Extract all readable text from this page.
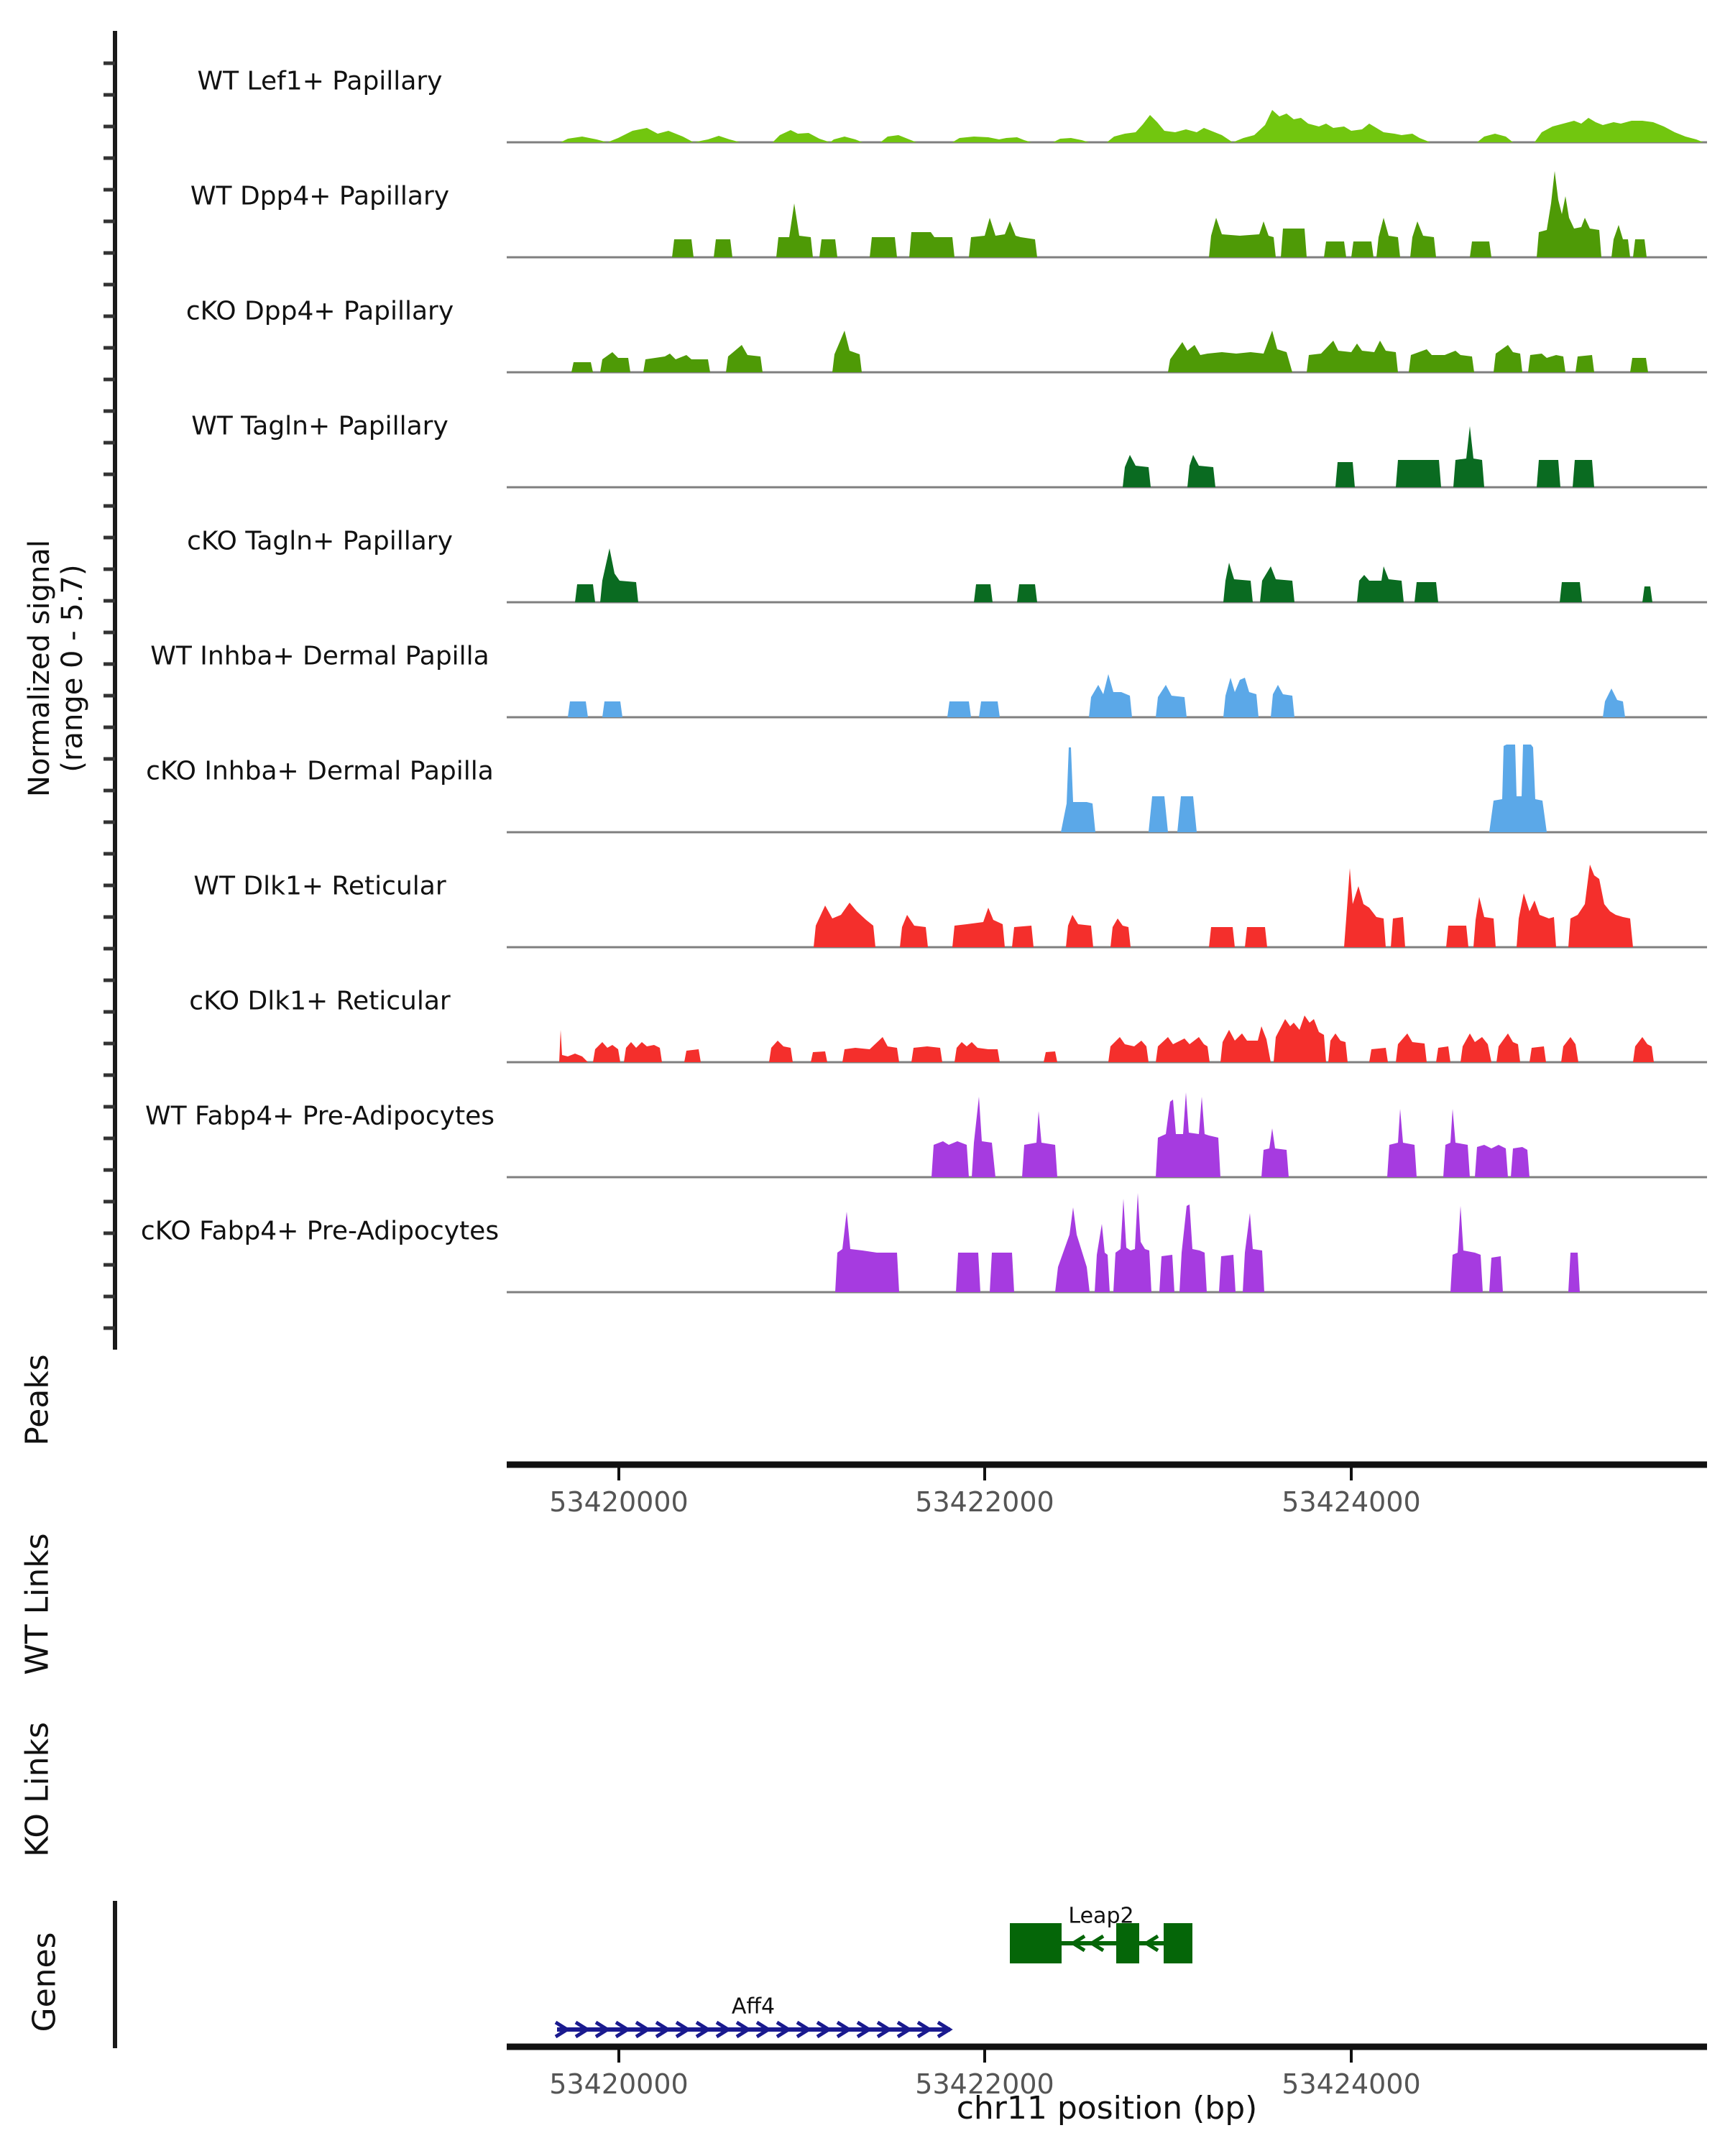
Normalized signal (range 0 - 5.7)
Peaks
WT Links
KO Links
Genes
chr11 position (bp)
WT Lef1+ Papillary
WT Dpp4+ Papillary
cKO Dpp4+ Papillary
WT Tagln+ Papillary
cKO Tagln+ Papillary
WT Inhba+ Dermal Papilla
cKO Inhba+ Dermal Papilla
WT Dlk1+ Reticular
cKO Dlk1+ Reticular
WT Fabp4+ Pre-Adipocytes
cKO Fabp4+ Pre-Adipocytes
53420000	53422000	53424000
53420000	53422000	53424000
Leap2
Aff4
